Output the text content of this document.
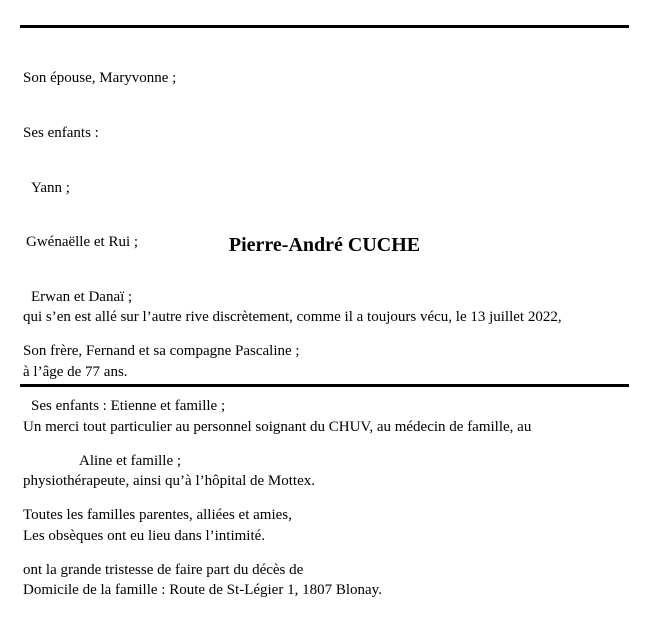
Son épouse, Maryvonne ;

Ses enfants :

Yann ;

Gwénaëlle et Rui ;

Erwan et Danaï ;

Son frère, Fernand et sa compagne Pascaline ;

Ses enfants : Etienne et famille ;

Aline et famille ;

Toutes les familles parentes, alliées et amies,

ont la grande tristesse de faire part du décès de

Pierre-André CUCHE

qui s’en est allé sur l’autre rive discrètement, comme il a toujours vécu, le 13 juillet 2022,

à l’âge de 77 ans.

Un merci tout particulier au personnel soignant du CHUV, au médecin de famille, au

physiothérapeute, ainsi qu’à l’hôpital de Mottex.

Les obsèques ont eu lieu dans l’intimité.

Domicile de la famille : Route de St-Légier 1, 1807 Blonay.
